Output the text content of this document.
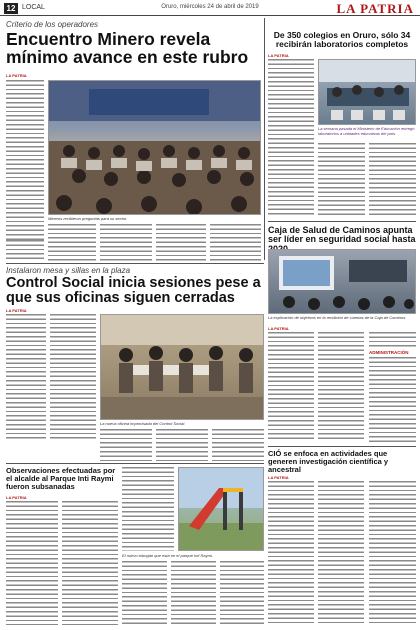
12 LOCAL	Oruro, miércoles 24 de abril de 2019	LA PATRIA
Criterio de los operadores
Encuentro Minero revela mínimo avance en este rubro
LA PATRIA
Mineros recibieron preguntas para su sector.
De 350 colegios en Oruro, sólo 34 recibirán laboratorios completos
LA PATRIA
La semana pasada el Ministerio de Educación entregó laboratorios a unidades educativas del país.
Caja de Salud de Caminos apunta ser líder en seguridad social hasta
La explicación de objetivos en la rendición de cuentas de la Caja de Caminos.
LA PATRIA
ADMINISTRACIÓN
Instalaron mesa y sillas en la plaza
Control Social inicia sesiones pese a que sus oficinas siguen cerradas
LA PATRIA
La nueva oficina improvisada del Control Social.
Observaciones efectuadas por el alcalde al Parque Inti Raymi fueron subsanadas
LA PATRIA
El nuevo tobogán que está en el parque Inti Raymi.
CIÓ se enfoca en actividades que generen investigación científica y ancestral
LA PATRIA
